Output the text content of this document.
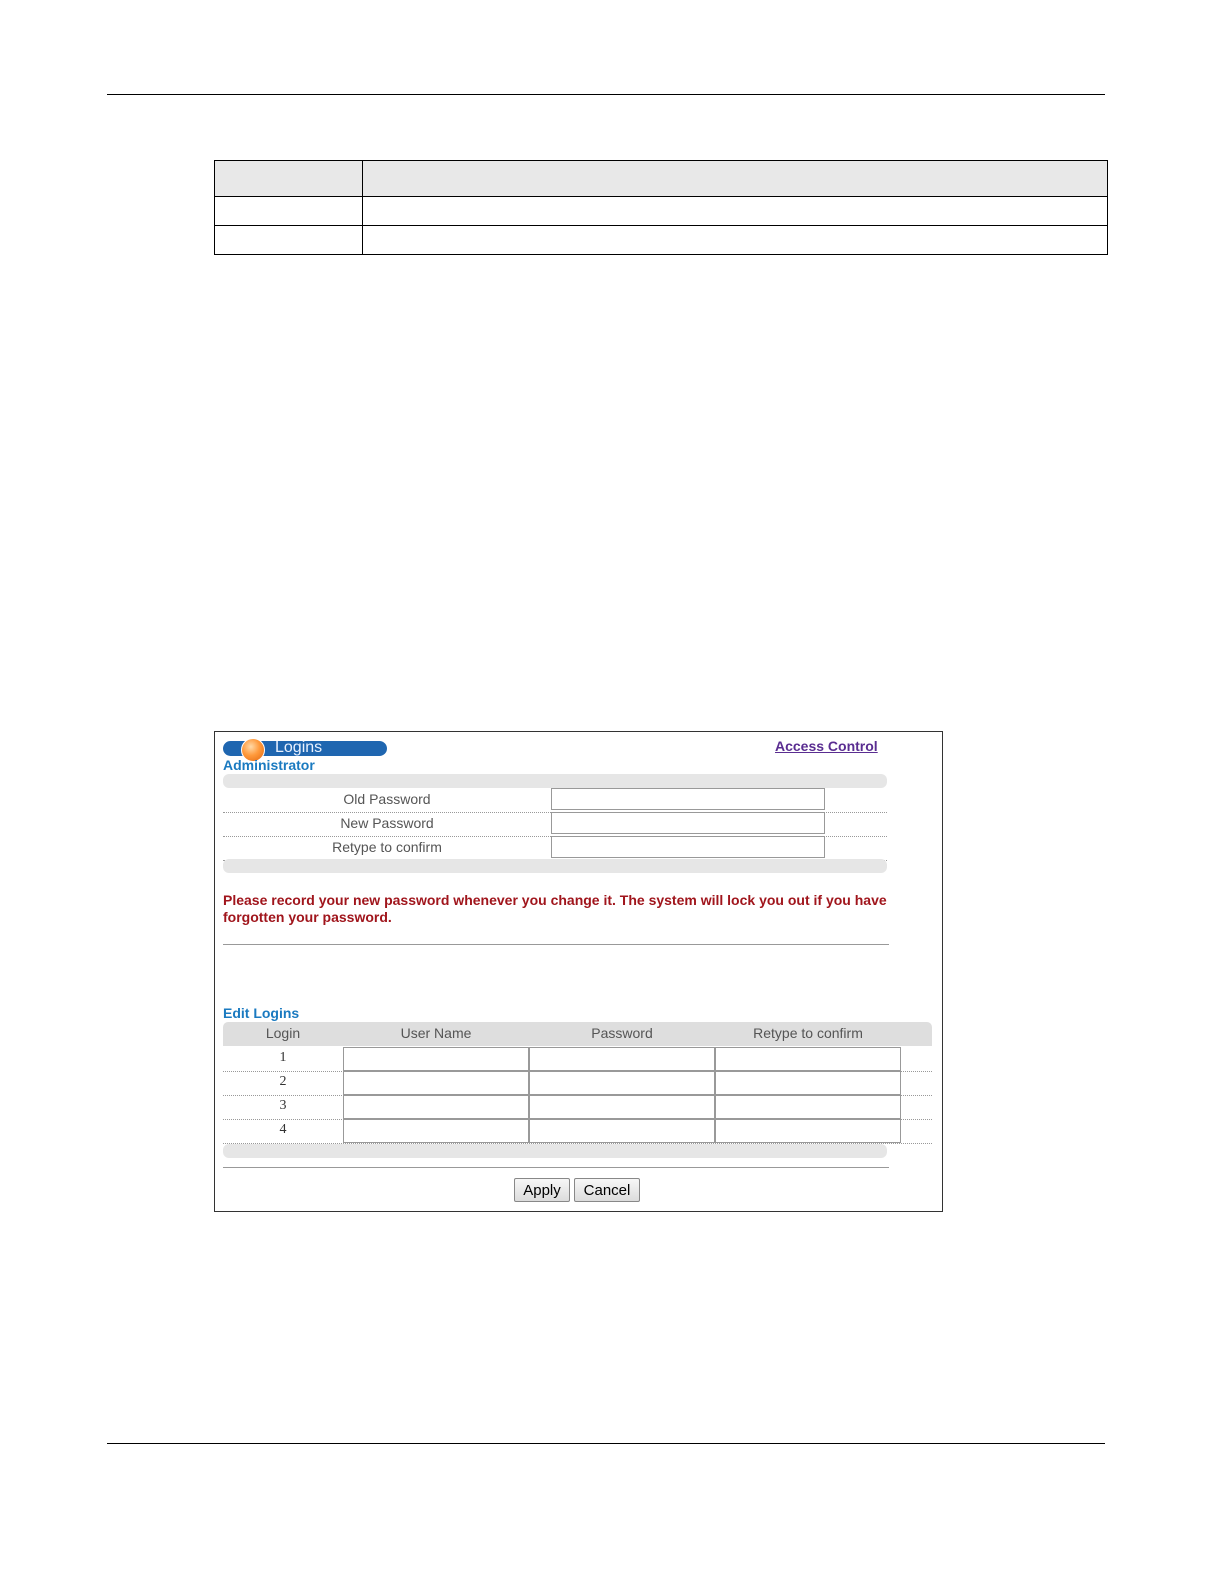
Logins	Access Control
Administrator
Old Password
New Password
Retype to confirm
Please record your new password whenever you change it. The system will lock you out if you have forgotten your password.
Edit Logins
Login	User Name	Password	Retype to confirm
1
2
3
4
Apply	Cancel
